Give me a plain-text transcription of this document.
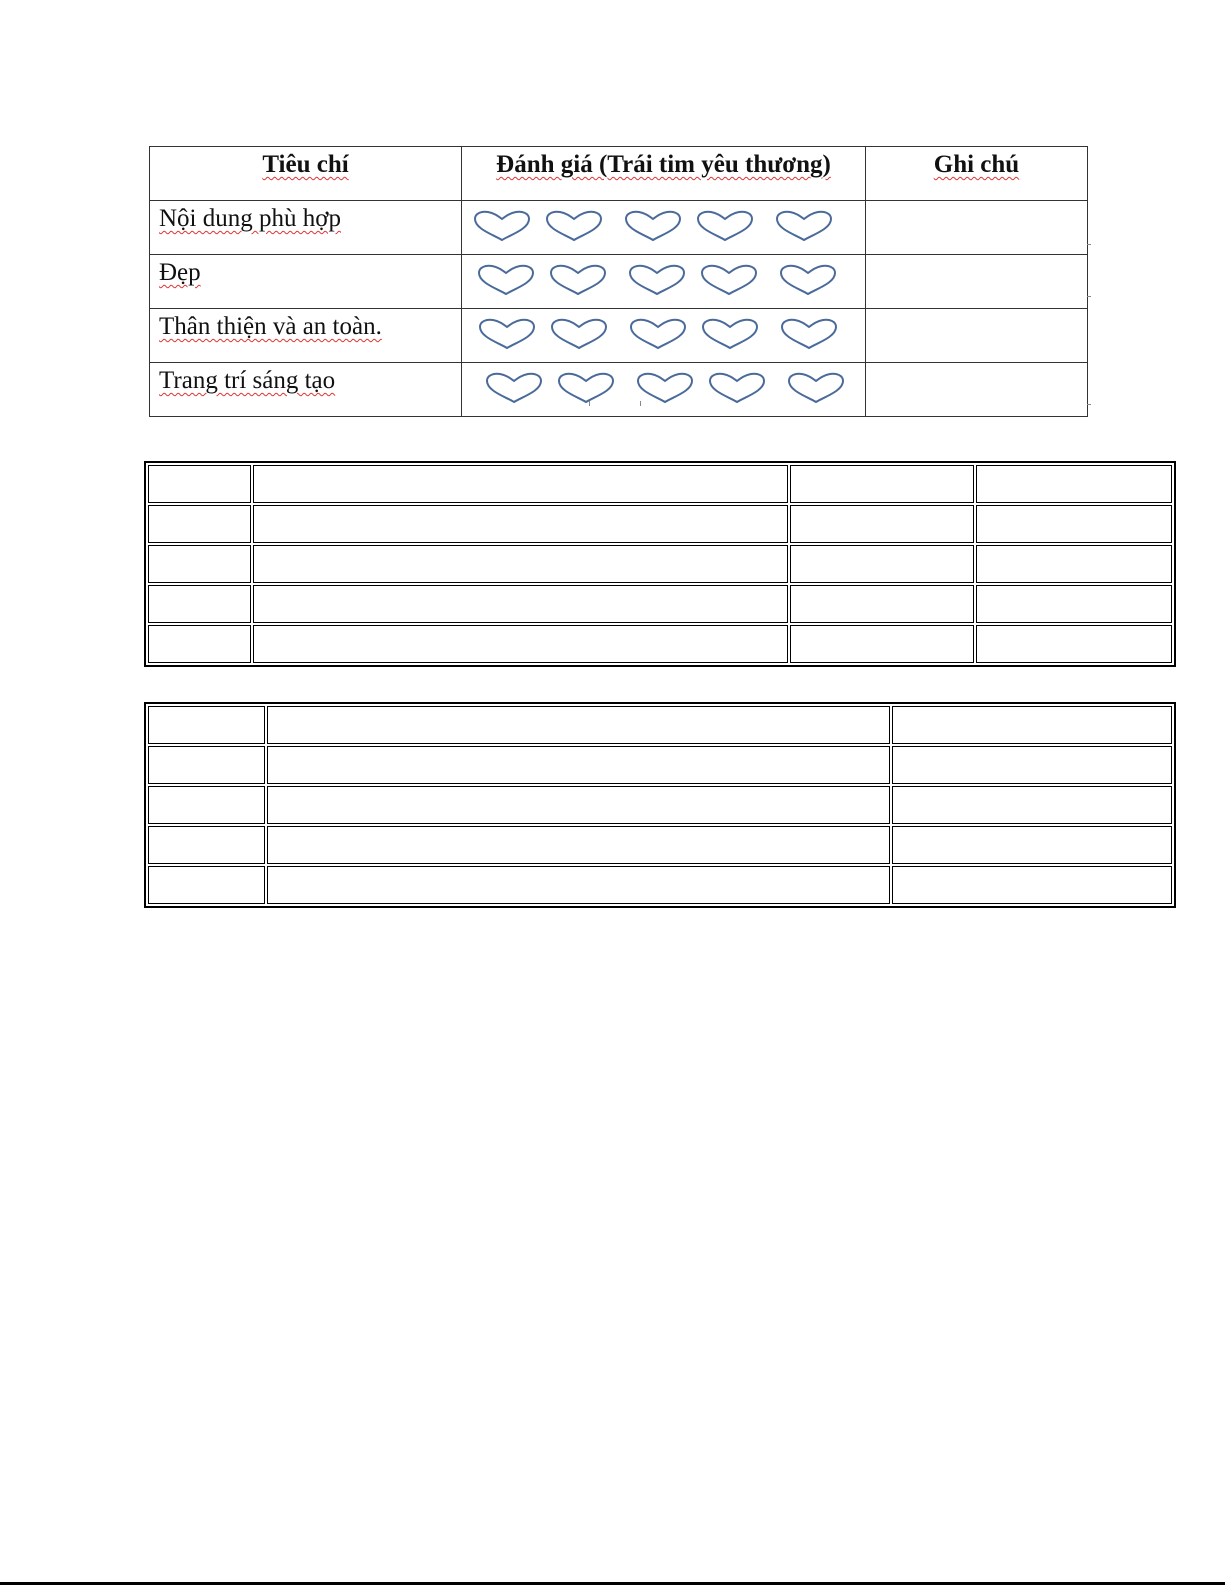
Tiêu chí	Đánh giá (Trái tim yêu thương)	Ghi chú
Nội dung phù hợp	

Đẹp	

Thân thiện và an toàn.	

Trang trí sáng tạo	
